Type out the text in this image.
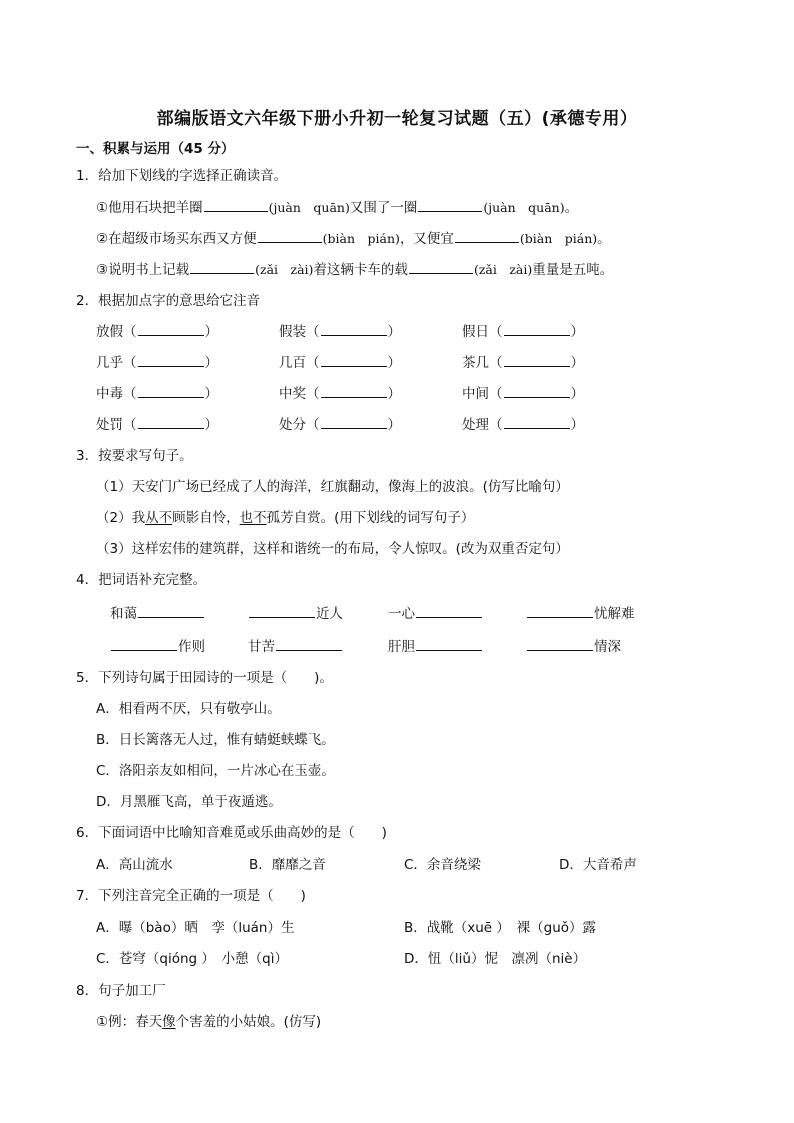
部编版语文六年级下册小升初一轮复习试题（五）(承德专用）
一、积累与运用（45 分）
1．给加下划线的字选择正确读音。
①他用石块把羊圈	(juàn　quān)又围了一圈	(juàn　quān)。
②在超级市场买东西又方便	(biàn　pián)，又便宜	(biàn　pián)。
③说明书上记载	(zǎi　zài)着这辆卡车的载	(zǎi　zài)重量是五吨。
2．根据加点字的意思给它注音
放假（	）	假装（	）	假日（	）
几乎（	）	几百（	）	茶几（	）
中毒（	）	中奖（	）	中间（	）
处罚（	）	处分（	）	处理（	）
3．按要求写句子。
（1）天安门广场已经成了人的海洋，红旗翻动，像海上的波浪。(仿写比喻句）
（2）我从不顾影自怜，也不孤芳自赏。(用下划线的词写句子）
（3）这样宏伟的建筑群，这样和谐统一的布局，令人惊叹。(改为双重否定句）
4．把词语补充完整。
和蔼	近人	一心	忧解难
作则	甘苦	肝胆	情深
5．下列诗句属于田园诗的一项是（　　)。
A．相看两不厌，只有敬亭山。
B．日长篱落无人过，惟有蜻蜓蛱蝶飞。
C．洛阳亲友如相问，一片冰心在玉壶。
D．月黑雁飞高，单于夜遁逃。
6．下面词语中比喻知音难觅或乐曲高妙的是（　　)
A．高山流水	B．靡靡之音	C．余音绕梁	D．大音希声
7．下列注音完全正确的一项是（　　)
A．曝（bào）晒　孪（luán）生	B．战靴（xuē ）　裸（guǒ）露
C．苍穹（qióng ）　小憩（qì）	D．忸（liǔ）怩　凛冽（niè）
8．句子加工厂
①例：春天像个害羞的小姑娘。(仿写)
